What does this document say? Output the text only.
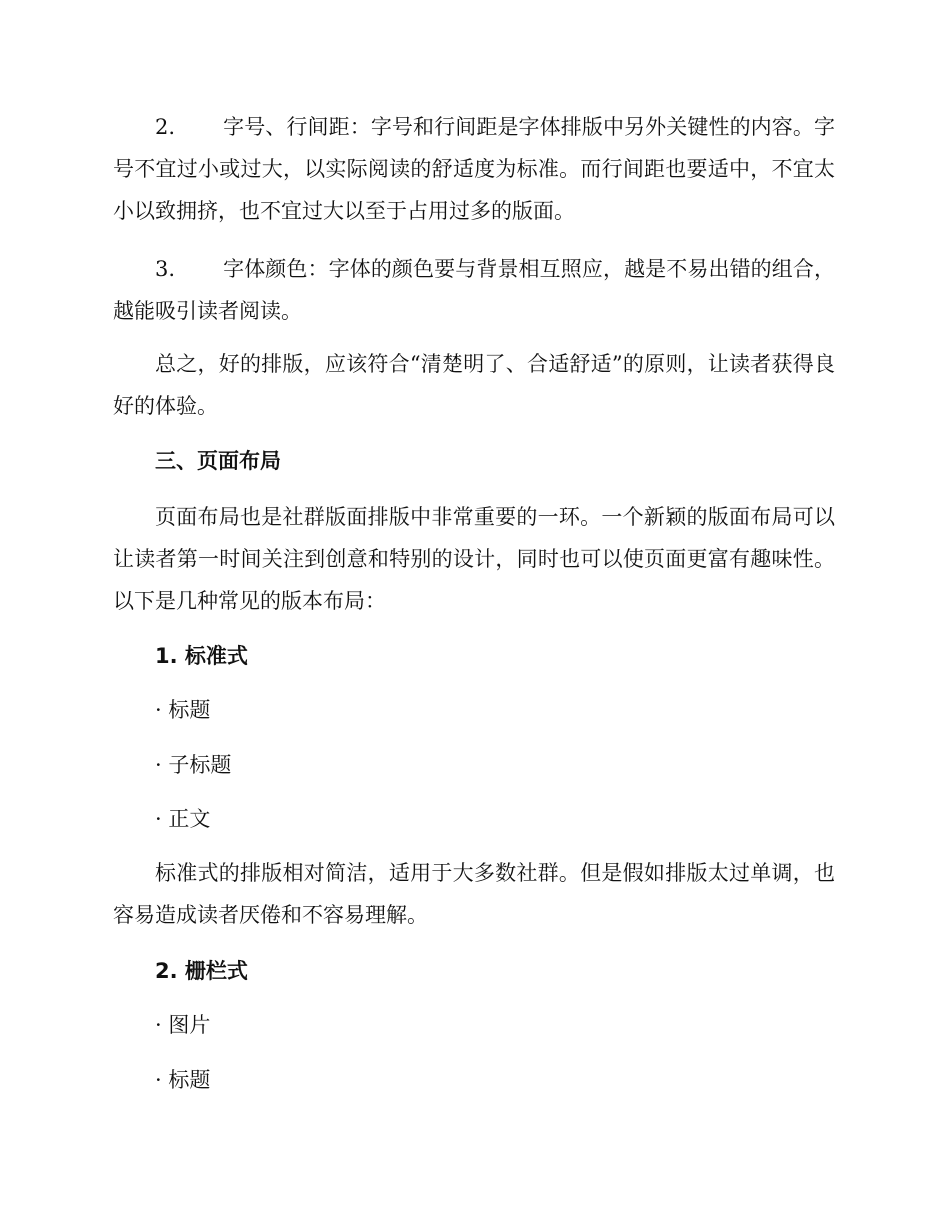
2. 字号、行间距：字号和行间距是字体排版中另外关键性的内容。字号不宜过小或过大，以实际阅读的舒适度为标准。而行间距也要适中，不宜太小以致拥挤，也不宜过大以至于占用过多的版面。

3. 字体颜色：字体的颜色要与背景相互照应，越是不易出错的组合，越能吸引读者阅读。

总之，好的排版，应该符合“清楚明了、合适舒适”的原则，让读者获得良好的体验。

三、页面布局

页面布局也是社群版面排版中非常重要的一环。一个新颖的版面布局可以让读者第一时间关注到创意和特别的设计，同时也可以使页面更富有趣味性。以下是几种常见的版本布局：

1. 标准式

· 标题

· 子标题

· 正文

标准式的排版相对简洁，适用于大多数社群。但是假如排版太过单调，也容易造成读者厌倦和不容易理解。

2. 栅栏式

· 图片

· 标题
